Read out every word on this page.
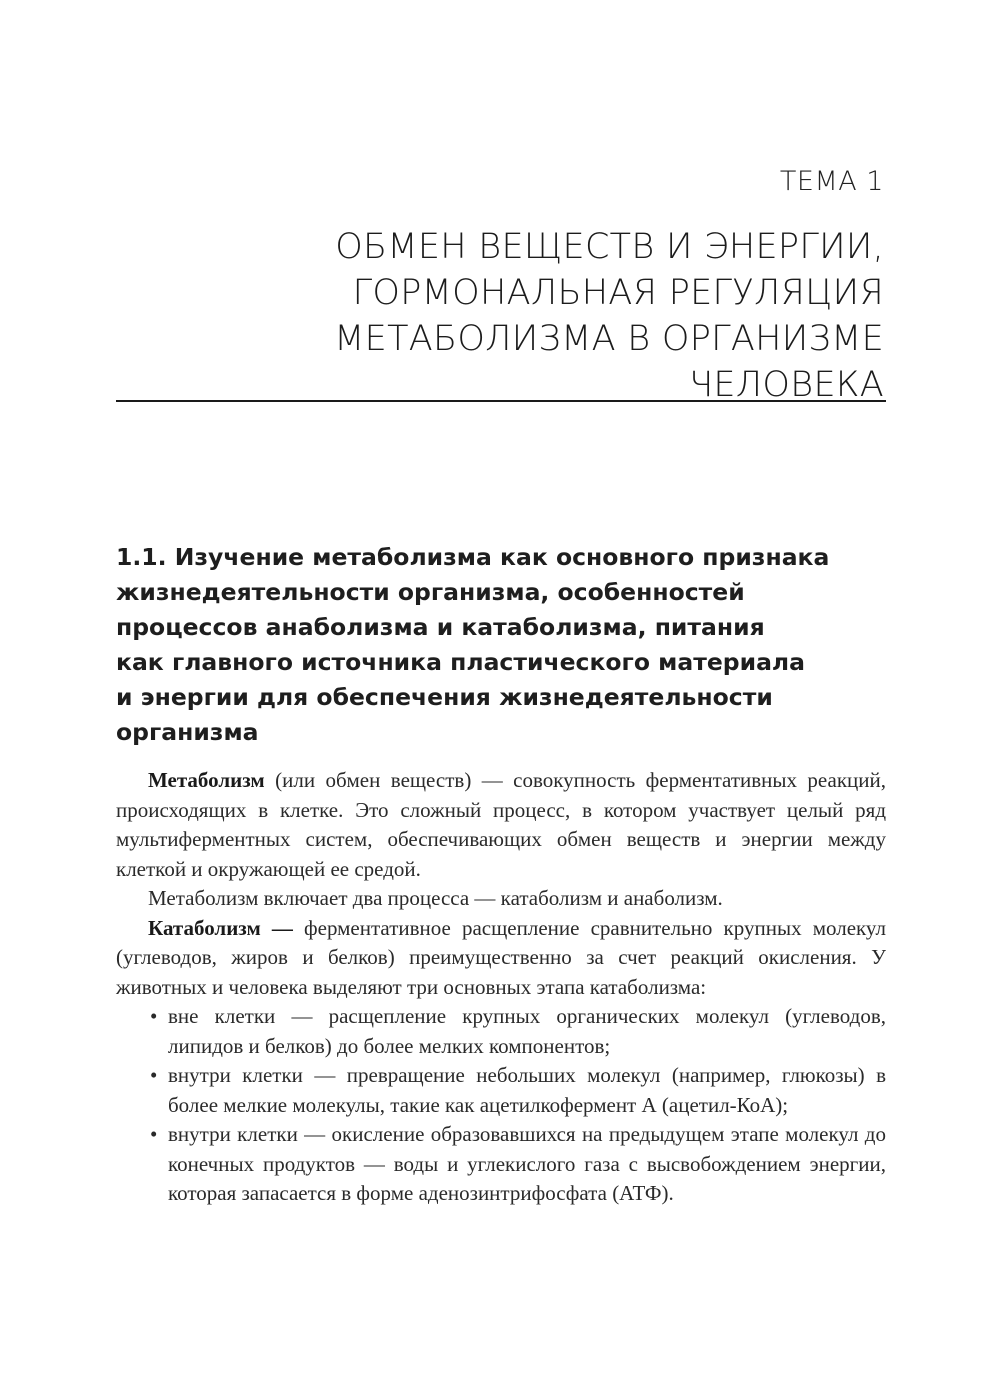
ТЕМА 1

ОБМЕН ВЕЩЕСТВ И ЭНЕРГИИ,
ГОРМОНАЛЬНАЯ РЕГУЛЯЦИЯ
МЕТАБОЛИЗМА В ОРГАНИЗМЕ
ЧЕЛОВЕКА
1.1. Изучение метаболизма как основного признака
жизнедеятельности организма, особенностей
процессов анаболизма и катаболизма, питания
как главного источника пластического материала
и энергии для обеспечения жизнедеятельности
организма

Метаболизм (или обмен веществ) — совокупность ферментативных реакций, происходящих в клетке. Это сложный процесс, в котором участвует целый ряд мультиферментных систем, обеспечивающих обмен веществ и энергии между клеткой и окружающей ее средой.

Метаболизм включает два процесса — катаболизм и анаболизм.

Катаболизм — ферментативное расщепление сравнительно крупных молекул (углеводов, жиров и белков) преимущественно за счет реакций окисления. У животных и человека выделяют три основных этапа катаболизма:

• вне клетки — расщепление крупных органических молекул (углеводов, липидов и белков) до более мелких компонентов;
• внутри клетки — превращение небольших молекул (например, глюкозы) в более мелкие молекулы, такие как ацетилкофермент А (ацетил-КоА);
• внутри клетки — окисление образовавшихся на предыдущем этапе молекул до конечных продуктов — воды и углекислого газа с высвобождением энергии, которая запасается в форме аденозинтрифосфата (АТФ).
